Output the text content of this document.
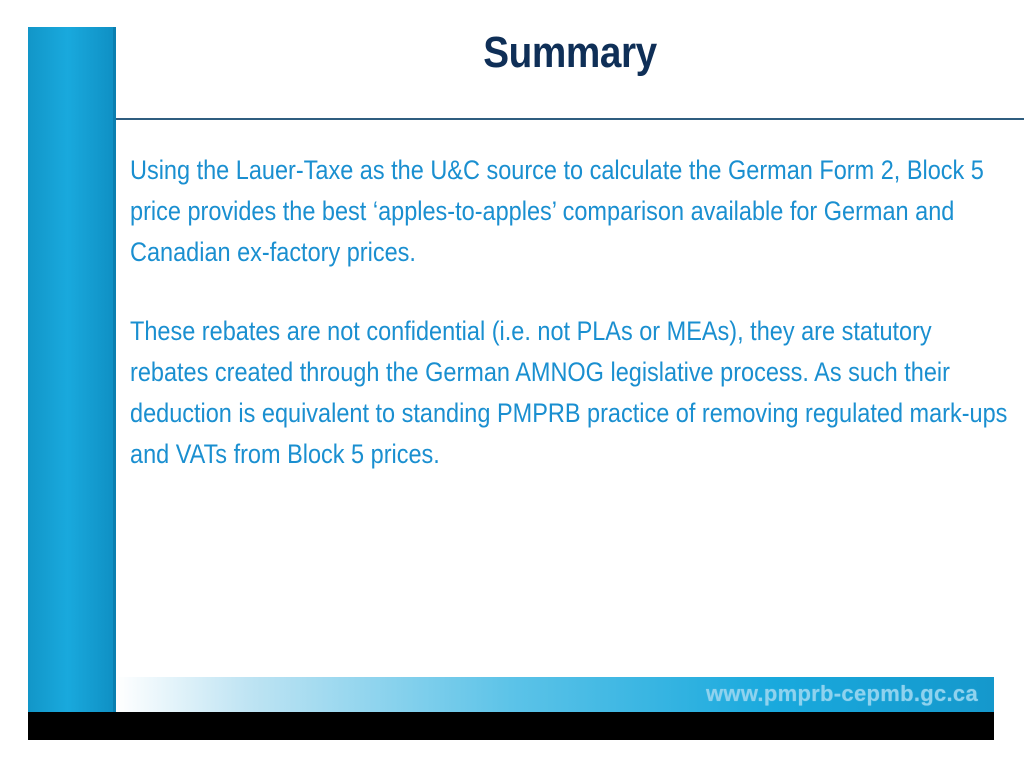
Summary

Using the Lauer-Taxe as the U&C source to calculate the German Form 2, Block 5 price provides the best ‘apples-to-apples’ comparison available for German and Canadian ex-factory prices.

These rebates are not confidential (i.e. not PLAs or MEAs), they are statutory rebates created through the German AMNOG legislative process. As such their deduction is equivalent to standing PMPRB practice of removing regulated mark-ups and VATs from Block 5 prices.

www.pmprb-cepmb.gc.ca
